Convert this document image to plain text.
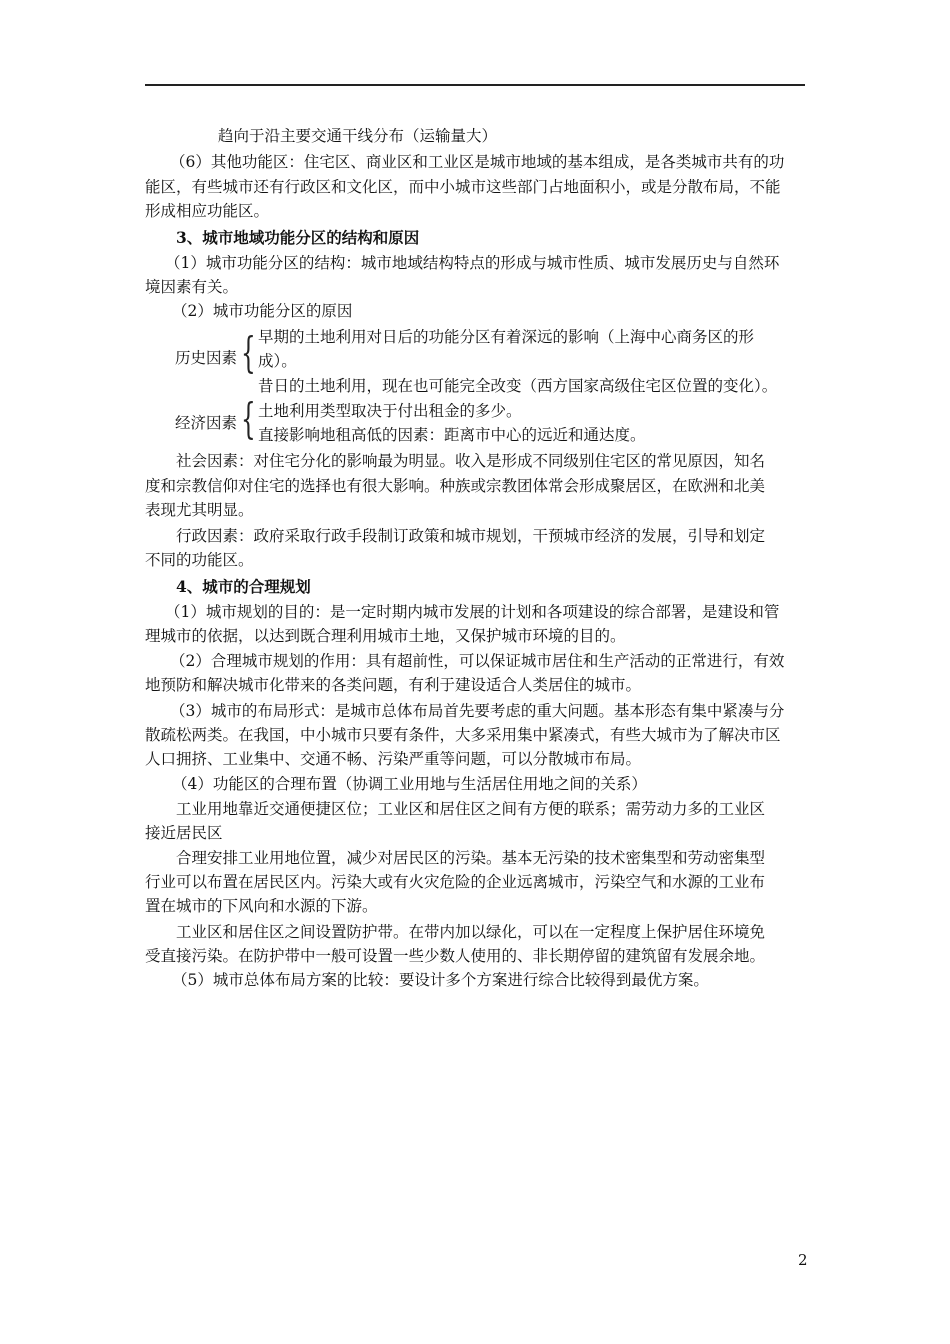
趋向于沿主要交通干线分布（运输量大）
（6）其他功能区：住宅区、商业区和工业区是城市地域的基本组成，是各类城市共有的功
能区，有些城市还有行政区和文化区，而中小城市这些部门占地面积小，或是分散布局，不能
形成相应功能区。
3、城市地域功能分区的结构和原因
（1）城市功能分区的结构：城市地域结构特点的形成与城市性质、城市发展历史与自然环
境因素有关。
（2）城市功能分区的原因
早期的土地利用对日后的功能分区有着深远的影响（上海中心商务区的形
成）。
历史因素 {
昔日的土地利用，现在也可能完全改变（西方国家高级住宅区位置的变化）。
土地利用类型取决于付出租金的多少。
经济因素 { 直接影响地租高低的因素：距离市中心的远近和通达度。
社会因素：对住宅分化的影响最为明显。收入是形成不同级别住宅区的常见原因，知名
度和宗教信仰对住宅的选择也有很大影响。种族或宗教团体常会形成聚居区，在欧洲和北美
表现尤其明显。
行政因素：政府采取行政手段制订政策和城市规划，干预城市经济的发展，引导和划定
不同的功能区。
4、城市的合理规划
（1）城市规划的目的：是一定时期内城市发展的计划和各项建设的综合部署，是建设和管
理城市的依据，以达到既合理利用城市土地，又保护城市环境的目的。
（2）合理城市规划的作用：具有超前性，可以保证城市居住和生产活动的正常进行，有效
地预防和解决城市化带来的各类问题，有利于建设适合人类居住的城市。
（3）城市的布局形式：是城市总体布局首先要考虑的重大问题。基本形态有集中紧凑与分
散疏松两类。在我国，中小城市只要有条件，大多采用集中紧凑式，有些大城市为了解决市区
人口拥挤、工业集中、交通不畅、污染严重等问题，可以分散城市布局。
（4）功能区的合理布置（协调工业用地与生活居住用地之间的关系）
工业用地靠近交通便捷区位；工业区和居住区之间有方便的联系；需劳动力多的工业区
接近居民区
合理安排工业用地位置，减少对居民区的污染。基本无污染的技术密集型和劳动密集型
行业可以布置在居民区内。污染大或有火灾危险的企业远离城市，污染空气和水源的工业布
置在城市的下风向和水源的下游。
工业区和居住区之间设置防护带。在带内加以绿化，可以在一定程度上保护居住环境免
受直接污染。在防护带中一般可设置一些少数人使用的、非长期停留的建筑留有发展余地。
（5）城市总体布局方案的比较：要设计多个方案进行综合比较得到最优方案。
2
